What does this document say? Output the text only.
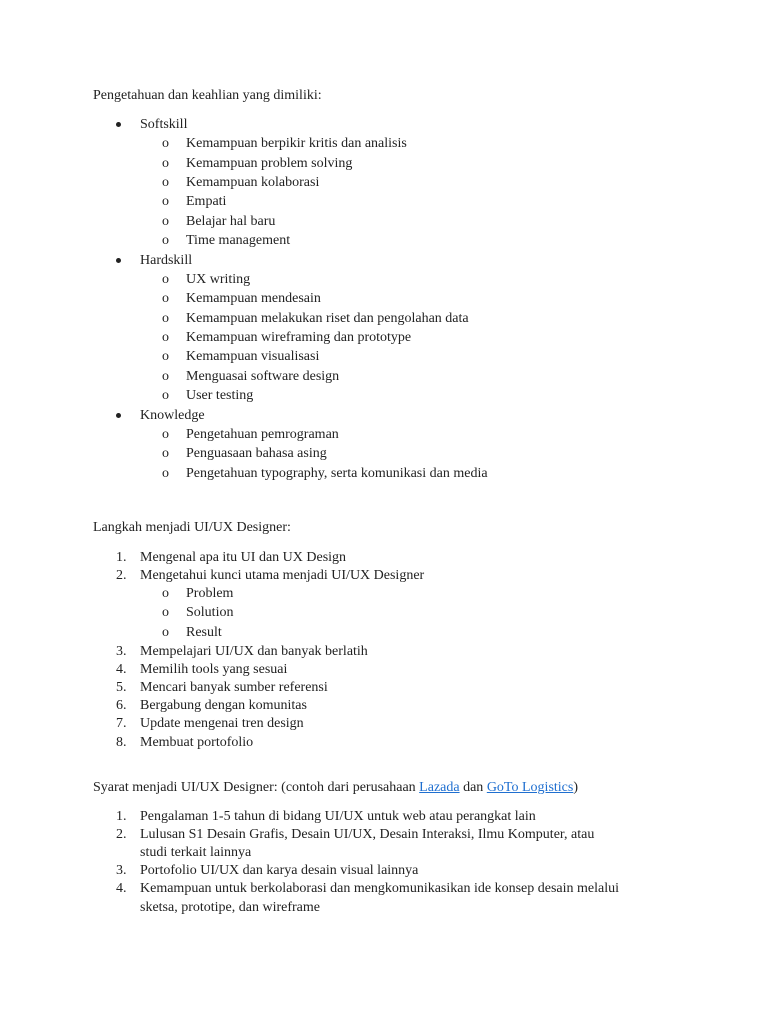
Pengetahuan dan keahlian yang dimiliki:
Softskill
o Kemampuan berpikir kritis dan analisis
o Kemampuan problem solving
o Kemampuan kolaborasi
o Empati
o Belajar hal baru
o Time management
Hardskill
o UX writing
o Kemampuan mendesain
o Kemampuan melakukan riset dan pengolahan data
o Kemampuan wireframing dan prototype
o Kemampuan visualisasi
o Menguasai software design
o User testing
Knowledge
o Pengetahuan pemrograman
o Penguasaan bahasa asing
o Pengetahuan typography, serta komunikasi dan media
Langkah menjadi UI/UX Designer:
1. Mengenal apa itu UI dan UX Design
2. Mengetahui kunci utama menjadi UI/UX Designer
o Problem
o Solution
o Result
3. Mempelajari UI/UX dan banyak berlatih
4. Memilih tools yang sesuai
5. Mencari banyak sumber referensi
6. Bergabung dengan komunitas
7. Update mengenai tren design
8. Membuat portofolio
Syarat menjadi UI/UX Designer: (contoh dari perusahaan Lazada dan GoTo Logistics)
1. Pengalaman 1-5 tahun di bidang UI/UX untuk web atau perangkat lain
2. Lulusan S1 Desain Grafis, Desain UI/UX, Desain Interaksi, Ilmu Komputer, atau
studi terkait lainnya
3. Portofolio UI/UX dan karya desain visual lainnya
4. Kemampuan untuk berkolaborasi dan mengkomunikasikan ide konsep desain melalui
sketsa, prototipe, dan wireframe
